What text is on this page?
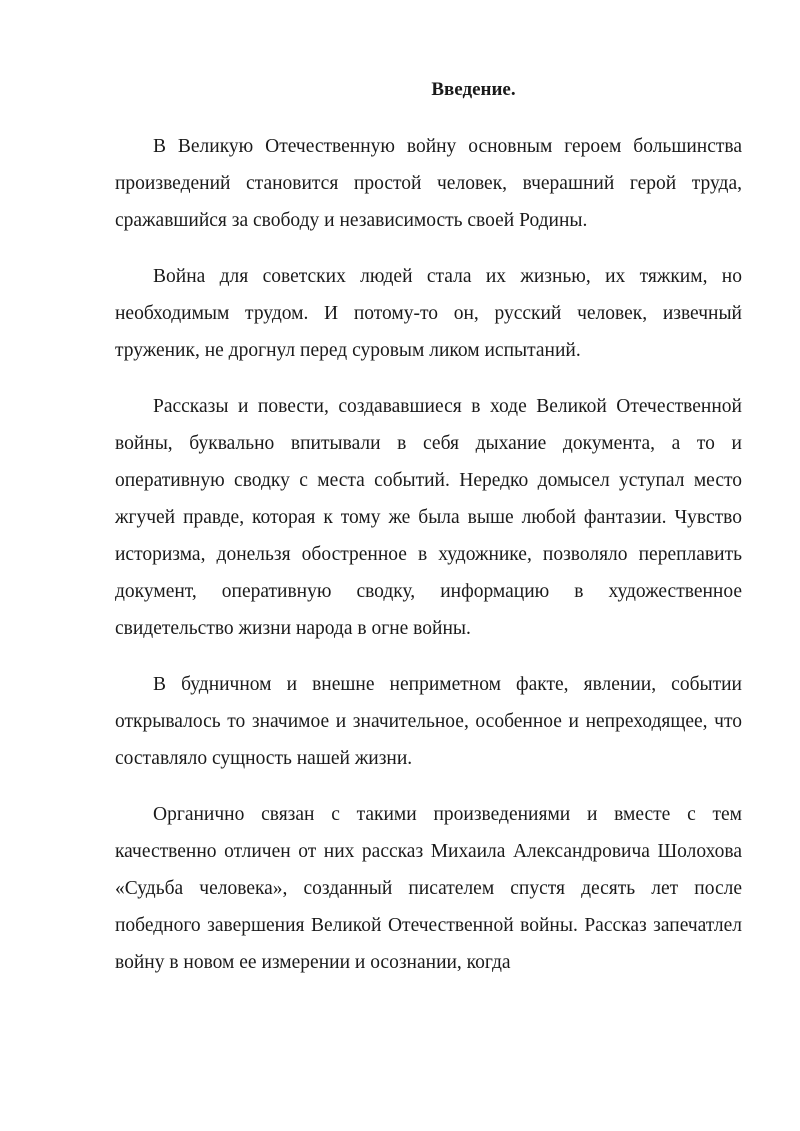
Введение.

В Великую Отечественную войну основным героем большинства произведений становится простой человек, вчерашний герой труда, сражавшийся за свободу и независимость своей Родины.

Война для советских людей стала их жизнью, их тяжким, но необходимым трудом. И потому-то он, русский человек, извечный труженик, не дрогнул перед суровым ликом испытаний.

Рассказы и повести, создававшиеся в ходе Великой Отечественной войны, буквально впитывали в себя дыхание документа, а то и оперативную сводку с места событий. Нередко домысел уступал место жгучей правде, которая к тому же была выше любой фантазии. Чувство историзма, донельзя обостренное в художнике, позволяло переплавить документ, оперативную сводку, информацию в художественное свидетельство жизни народа в огне войны.

В будничном и внешне неприметном факте, явлении, событии открывалось то значимое и значительное, особенное и непреходящее, что составляло сущность нашей жизни.

Органично связан с такими произведениями и вместе с тем качественно отличен от них рассказ Михаила Александровича Шолохова «Судьба человека», созданный писателем спустя десять лет после победного завершения Великой Отечественной войны. Рассказ запечатлел войну в новом ее измерении и осознании, когда
